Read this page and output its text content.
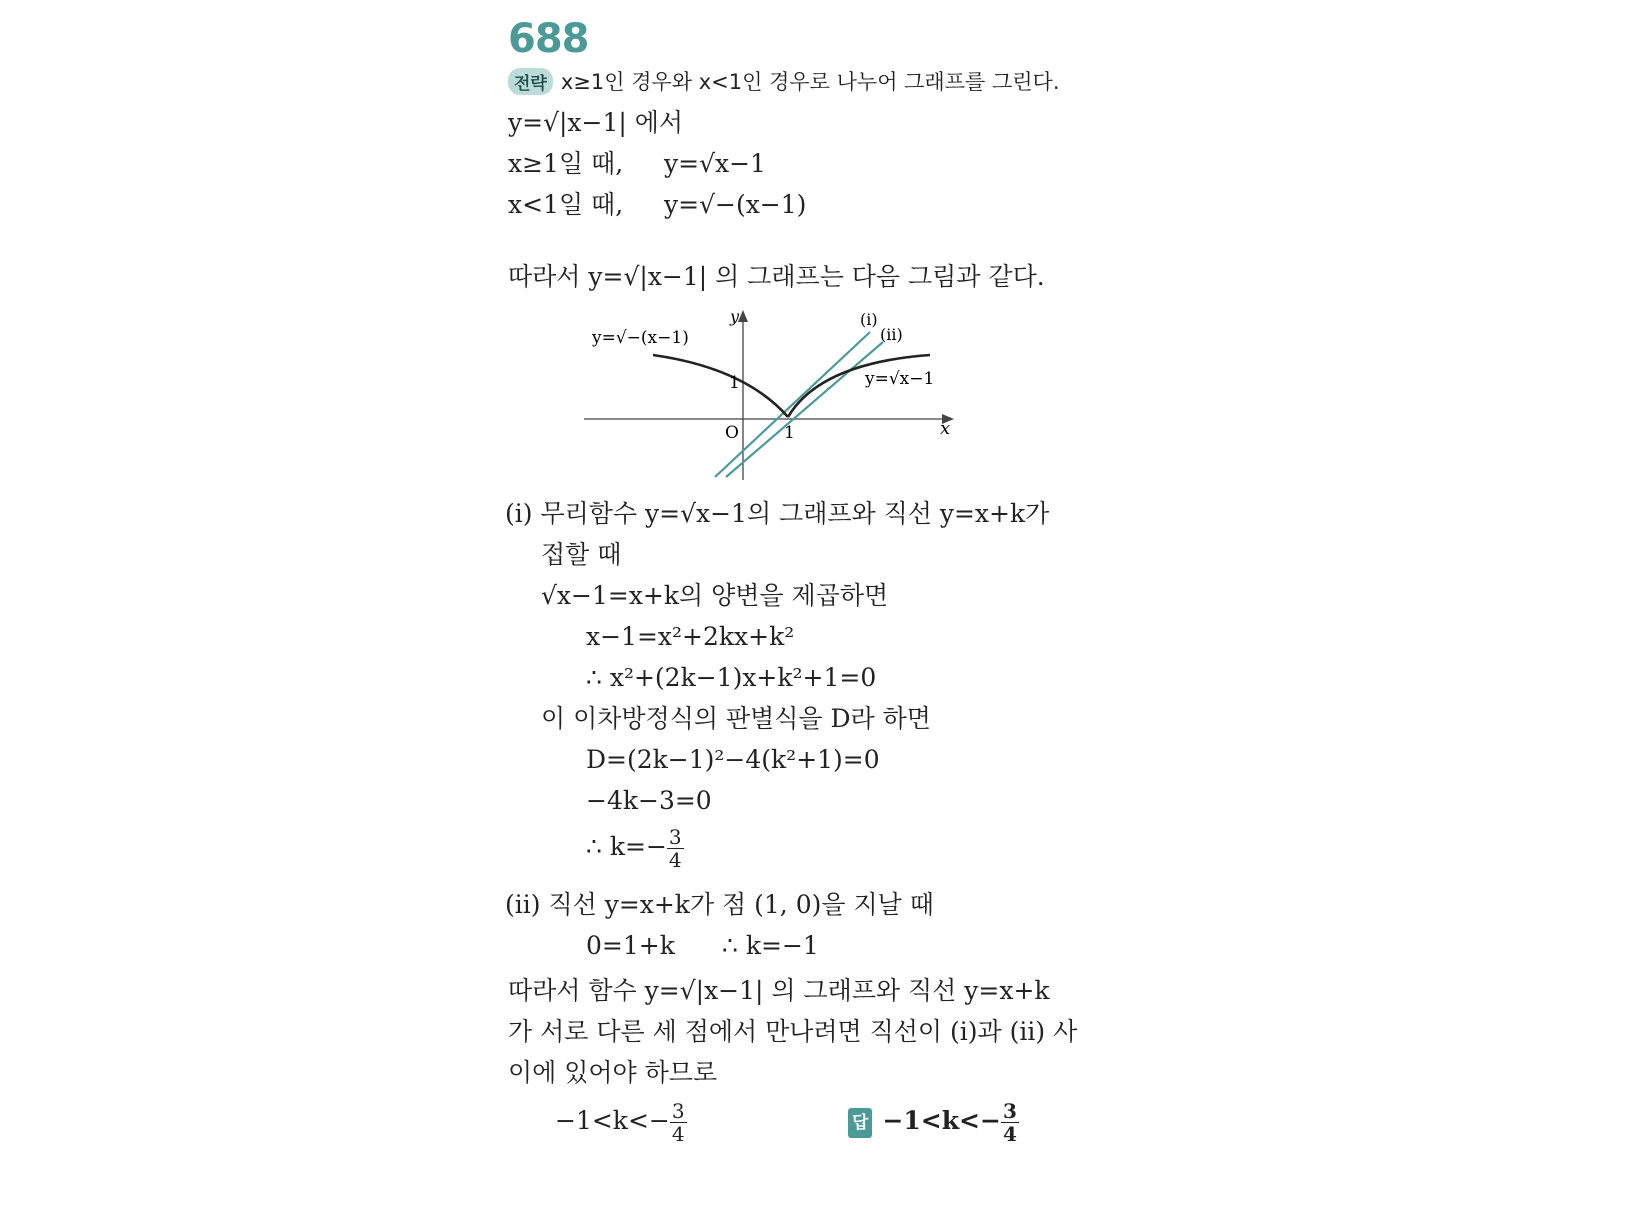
688
전략 x≥1인 경우와 x<1인 경우로 나누어 그래프를 그린다.
y=√|x−1| 에서
x≥1일 때, y=√x−1
x<1일 때, y=√−(x−1)
따라서 y=√|x−1| 의 그래프는 다음 그림과 같다.
y
x
O	1
1
y=√−(x−1)
y=√x−1
(i)
(ii)
(i) 무리함수 y=√x−1의 그래프와 직선 y=x+k가
접할 때
√x−1=x+k의 양변을 제곱하면
x−1=x²+2kx+k²
∴ x²+(2k−1)x+k²+1=0
이 이차방정식의 판별식을 D라 하면
D=(2k−1)²−4(k²+1)=0
−4k−3=0
∴ $k=- \frac{3}{4}$
(ii) 직선 y=x+k가 점 (1, 0)을 지날 때
0=1+k ∴ k=−1
따라서 함수 y=√|x−1| 의 그래프와 직선 y=x+k
가 서로 다른 세 점에서 만나려면 직선이 (i)과 (ii) 사
이에 있어야 하므로
$-1<k<- \frac{3}{4}$	답 $-1<k<- \frac{3}{4}$
